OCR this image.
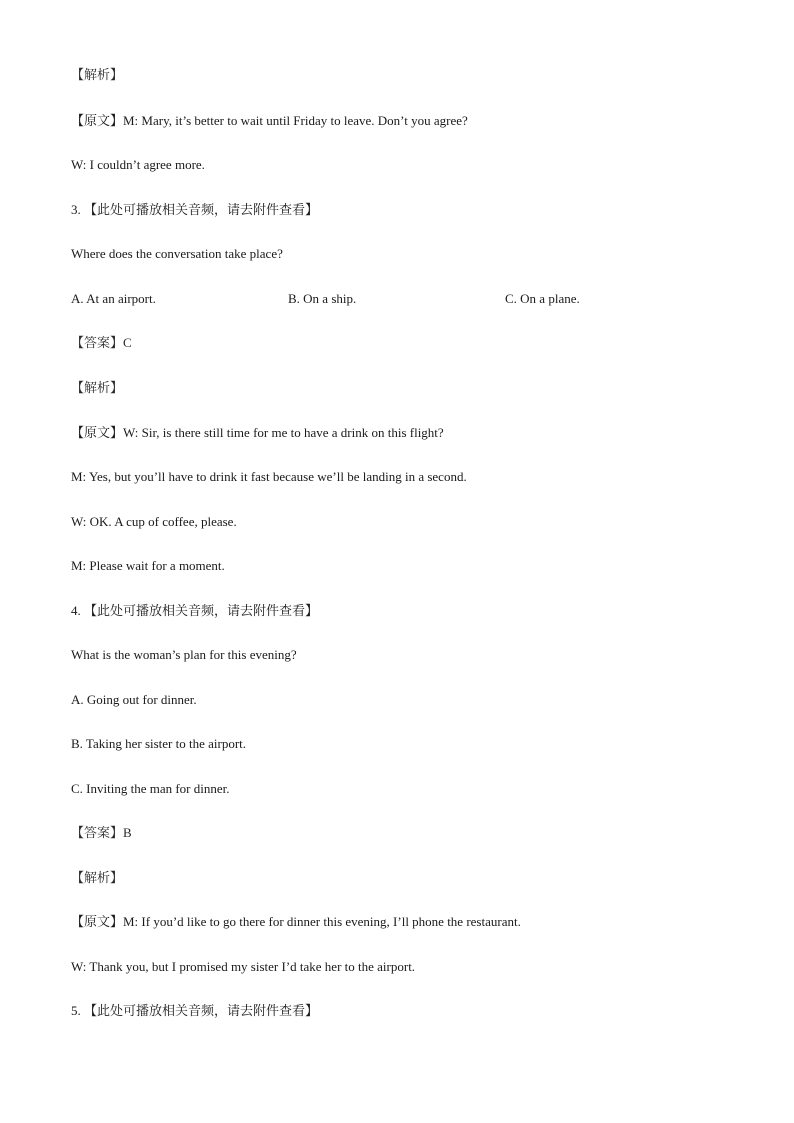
【解析】
【原文】M: Mary, it’s better to wait until Friday to leave. Don’t you agree?
W: I couldn’t agree more.
3. 【此处可播放相关音频，请去附件查看】
Where does the conversation take place?
A. At an airport.	B. On a ship.	C. On a plane.
【答案】C
【解析】
【原文】W: Sir, is there still time for me to have a drink on this flight?
M: Yes, but you’ll have to drink it fast because we’ll be landing in a second.
W: OK. A cup of coffee, please.
M: Please wait for a moment.
4. 【此处可播放相关音频，请去附件查看】
What is the woman’s plan for this evening?
A. Going out for dinner.
B. Taking her sister to the airport.
C. Inviting the man for dinner.
【答案】B
【解析】
【原文】M: If you’d like to go there for dinner this evening, I’ll phone the restaurant.
W: Thank you, but I promised my sister I’d take her to the airport.
5. 【此处可播放相关音频，请去附件查看】
